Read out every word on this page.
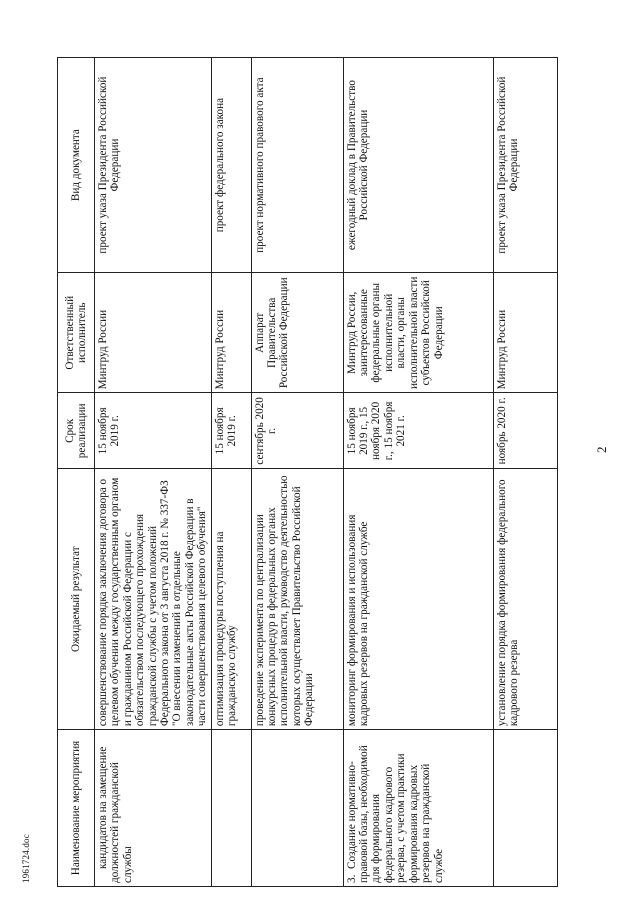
2
Наименование мероприятия	Ожидаемый результат	Срок реализации	Ответственный исполнитель	Вид документа
кандидатов на замещение должностей гражданской службы	совершенствование порядка заключения договора о целевом обучении между государственным органом и гражданином Российской Федерации с обязательством последующего прохождения гражданской службы с учетом положений Федерального закона от 3 августа 2018 г. № 337-ФЗ "О внесении изменений в отдельные законодательные акты Российской Федерации в части совершенствования целевого обучения"	15 ноября 2019 г.	Минтруд России	проект указа Президента Российской Федерации
	оптимизация процедуры поступления на гражданскую службу	15 ноября 2019 г.	Минтруд России	проект федерального закона
	проведение эксперимента по централизации конкурсных процедур в федеральных органах исполнительной власти, руководство деятельностью которых осуществляет Правительство Российской Федерации	сентябрь 2020 г.	Аппарат Правительства Российской Федерации	проект нормативного правового акта
3.Создание нормативно-правовой базы, необходимой для формирования федерального кадрового резерва, с учетом практики формирования кадровых резервов на гражданской службе	мониторинг формирования и использования кадровых резервов на гражданской службе	15 ноября 2019 г., 15 ноября 2020 г., 15 ноября 2021 г.	Минтруд России, заинтересованные федеральные органы исполнительной власти, органы исполнительной власти субъектов Российской Федерации	ежегодный доклад в Правительство Российской Федерации
	установление порядка формирования федерального кадрового резерва	ноябрь 2020 г.	Минтруд России	проект указа Президента Российской Федерации
1961724.doc
